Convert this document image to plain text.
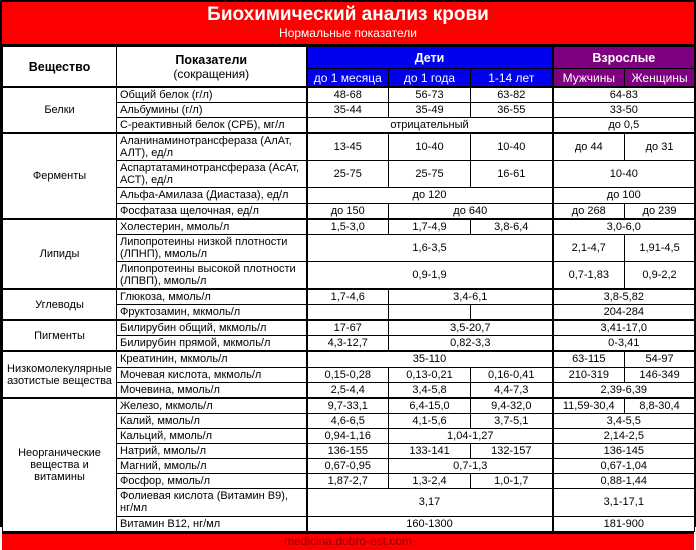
Биохимический анализ крови
Нормальные показатели
Вещество	Показатели
(сокращения)	Дети			Взрослые	
		до 1 месяца	до 1 года	1-14 лет	Мужчины	Женщины
Белки	Общий белок (г/л)	48-68	56-73	63-82	64-83	
	Альбумины (г/л)	35-44	35-49	36-55	33-50	
	С-реактивный белок (СРБ), мг/л	отрицательный			до 0,5	
Ферменты	Аланинаминотрансфераза (АлАт, АЛТ), ед/л	13-45	10-40	10-40	до 44	до 31
	Аспартатаминотрансфераза (АсАт, АСТ), ед/л	25-75	25-75	16-61	10-40	
	Альфа-Амилаза (Диастаза), ед/л	до 120			до 100	
	Фосфатаза щелочная, ед/л	до 150	до 640		до 268	до 239
Липиды	Холестерин, ммоль/л	1,5-3,0	1,7-4,9	3,8-6,4	3,0-6,0	
	Липопротеины низкой плотности (ЛПНП), ммоль/л	1,6-3,5			2,1-4,7	1,91-4,5
	Липопротеины высокой плотности (ЛПВП), ммоль/л	0,9-1,9			0,7-1,83	0,9-2,2
Углеводы	Глюкоза, ммоль/л	1,7-4,6	3,4-6,1		3,8-5,82	
	Фруктозамин, мкмоль/л				204-284	
Пигменты	Билирубин общий, мкмоль/л	17-67	3,5-20,7		3,41-17,0	
	Билирубин прямой, мкмоль/л	4,3-12,7	0,82-3,3		0-3,41	
Низкомолекулярные азотистые вещества	Креатинин, мкмоль/л	35-110			63-115	54-97
	Мочевая кислота, мкмоль/л	0,15-0,28	0,13-0,21	0,16-0,41	210-319	146-349
	Мочевина, ммоль/л	2,5-4,4	3,4-5,8	4,4-7,3	2,39-6,39	
Неорганические вещества и витамины	Железо, мкмоль/л	9,7-33,1	6,4-15,0	9,4-32,0	11,59-30,4	8,8-30,4
	Калий, ммоль/л	4,6-6,5	4,1-5,6	3,7-5,1	3,4-5,5	
	Кальций, ммоль/л	0,94-1,16	1,04-1,27		2,14-2,5	
	Натрий, ммоль/л	136-155	133-141	132-157	136-145	
	Магний, ммоль/л	0,67-0,95	0,7-1,3		0,67-1,04	
	Фосфор, ммоль/л	1,87-2,7	1,3-2,4	1,0-1,7	0,88-1,44	
	Фолиевая кислота (Витамин В9), нг/мл	3,17			3,1-17,1	
	Витамин В12, нг/мл	160-1300			181-900	
medicina.dobro-est.com
